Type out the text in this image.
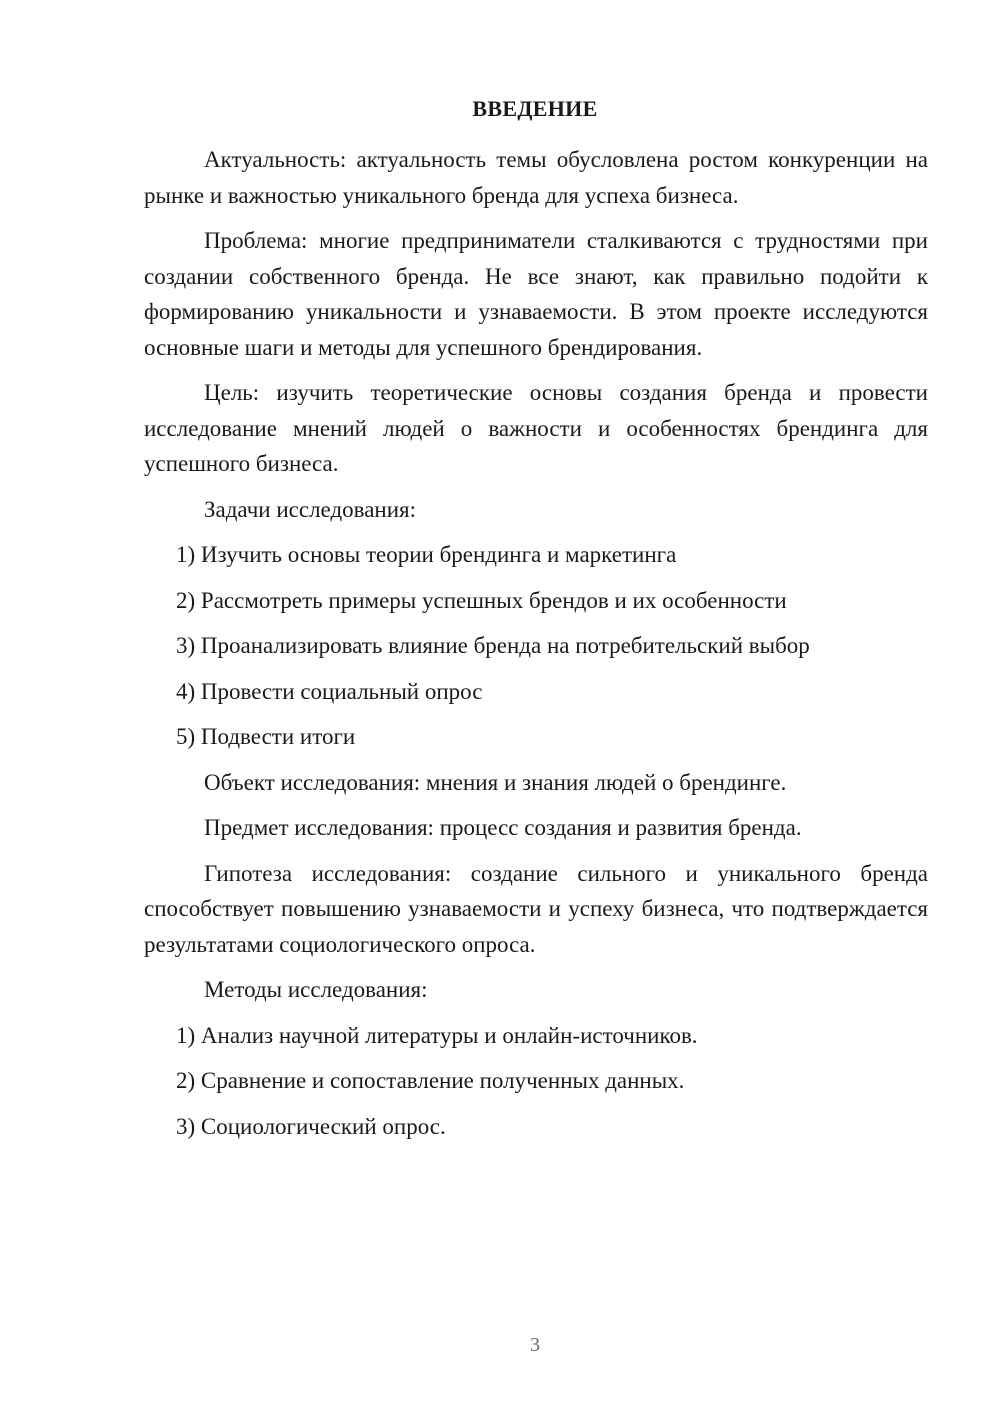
ВВЕДЕНИЕ

Актуальность: актуальность темы обусловлена ростом конкуренции на рынке и важностью уникального бренда для успеха бизнеса.

Проблема: многие предприниматели сталкиваются с трудностями при создании собственного бренда. Не все знают, как правильно подойти к формированию уникальности и узнаваемости. В этом проекте исследуются основные шаги и методы для успешного брендирования.

Цель: изучить теоретические основы создания бренда и провести исследование мнений людей о важности и особенностях брендинга для успешного бизнеса.

Задачи исследования:

1) Изучить основы теории брендинга и маркетинга

2) Рассмотреть примеры успешных брендов и их особенности

3) Проанализировать влияние бренда на потребительский выбор

4) Провести социальный опрос

5) Подвести итоги

Объект исследования: мнения и знания людей о брендинге.

Предмет исследования: процесс создания и развития бренда.

Гипотеза исследования: создание сильного и уникального бренда способствует повышению узнаваемости и успеху бизнеса, что подтверждается результатами социологического опроса.

Методы исследования:

1) Анализ научной литературы и онлайн-источников.

2) Сравнение и сопоставление полученных данных.

3) Социологический опрос.

3
